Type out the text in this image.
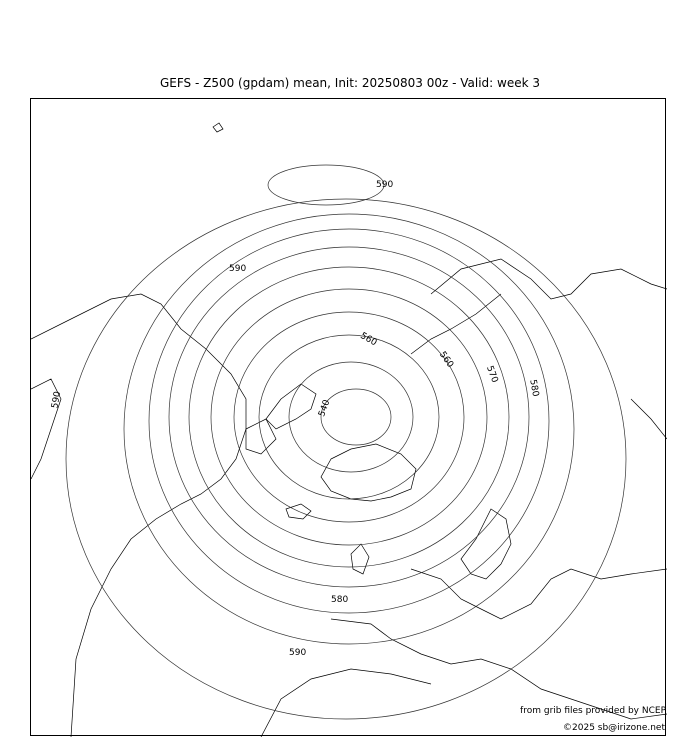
GEFS - Z500 (gpdam) mean, Init: 20250803 00z - Valid: week 3
590
590
590
590
580
580
570
560
560
540
from grib files provided by NCEP
©2025 sb@irizone.net
